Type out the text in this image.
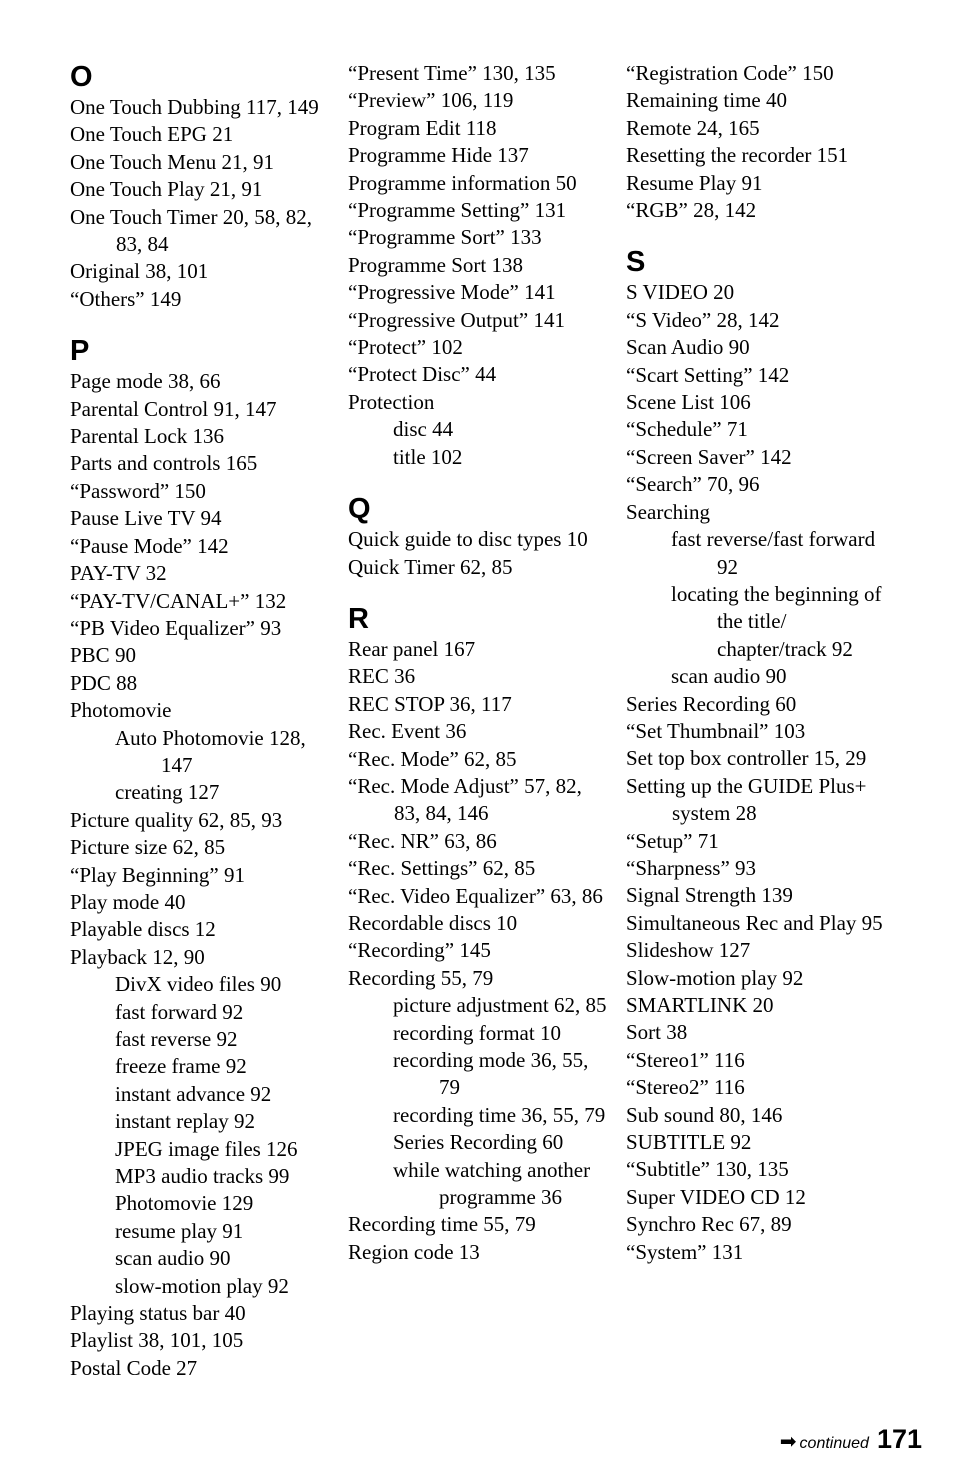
O
One Touch Dubbing 117, 149
One Touch EPG 21
One Touch Menu 21, 91
One Touch Play 21, 91
One Touch Timer 20, 58, 82, 83, 84
Original 38, 101
“Others” 149
P
Page mode 38, 66
Parental Control 91, 147
Parental Lock 136
Parts and controls 165
“Password” 150
Pause Live TV 94
“Pause Mode” 142
PAY-TV 32
“PAY-TV/CANAL+” 132
“PB Video Equalizer” 93
PBC 90
PDC 88
Photomovie
Auto Photomovie 128, 147
creating 127
Picture quality 62, 85, 93
Picture size 62, 85
“Play Beginning” 91
Play mode 40
Playable discs 12
Playback 12, 90
DivX video files 90
fast forward 92
fast reverse 92
freeze frame 92
instant advance 92
instant replay 92
JPEG image files 126
MP3 audio tracks 99
Photomovie 129
resume play 91
scan audio 90
slow-motion play 92
Playing status bar 40
Playlist 38, 101, 105
Postal Code 27
“Present Time” 130, 135
“Preview” 106, 119
Program Edit 118
Programme Hide 137
Programme information 50
“Programme Setting” 131
“Programme Sort” 133
Programme Sort 138
“Progressive Mode” 141
“Progressive Output” 141
“Protect” 102
“Protect Disc” 44
Protection
disc 44
title 102
Q
Quick guide to disc types 10
Quick Timer 62, 85
R
Rear panel 167
REC 36
REC STOP 36, 117
Rec. Event 36
“Rec. Mode” 62, 85
“Rec. Mode Adjust” 57, 82, 83, 84, 146
“Rec. NR” 63, 86
“Rec. Settings” 62, 85
“Rec. Video Equalizer” 63, 86
Recordable discs 10
“Recording” 145
Recording 55, 79
picture adjustment 62, 85
recording format 10
recording mode 36, 55, 79
recording time 36, 55, 79
Series Recording 60
while watching another programme 36
Recording time 55, 79
Region code 13
“Registration Code” 150
Remaining time 40
Remote 24, 165
Resetting the recorder 151
Resume Play 91
“RGB” 28, 142
S
S VIDEO 20
“S Video” 28, 142
Scan Audio 90
“Scart Setting” 142
Scene List 106
“Schedule” 71
“Screen Saver” 142
“Search” 70, 96
Searching
fast reverse/fast forward 92
locating the beginning of the title/ chapter/track 92
scan audio 90
Series Recording 60
“Set Thumbnail” 103
Set top box controller 15, 29
Setting up the GUIDE Plus+ system 28
“Setup” 71
“Sharpness” 93
Signal Strength 139
Simultaneous Rec and Play 95
Slideshow 127
Slow-motion play 92
SMARTLINK 20
Sort 38
“Stereo1” 116
“Stereo2” 116
Sub sound 80, 146
SUBTITLE 92
“Subtitle” 130, 135
Super VIDEO CD 12
Synchro Rec 67, 89
“System” 131
➡ continued 171
